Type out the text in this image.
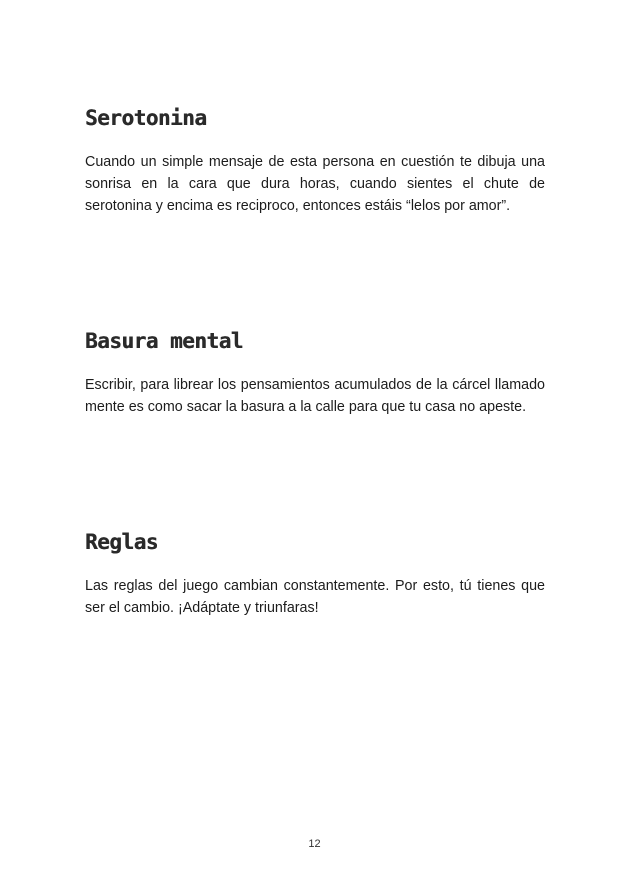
Serotonina

Cuando un simple mensaje de esta persona en cuestión te dibuja una sonrisa en la cara que dura horas, cuando sientes el chute de serotonina y encima es reciproco, entonces estáis “lelos por amor”.

Basura mental

Escribir, para librear los pensamientos acumulados de la cárcel llamado mente es como sacar la basura a la calle para que tu casa no apeste.

Reglas

Las reglas del juego cambian constantemente. Por esto, tú tienes que ser el cambio. ¡Adáptate y triunfaras!

12
